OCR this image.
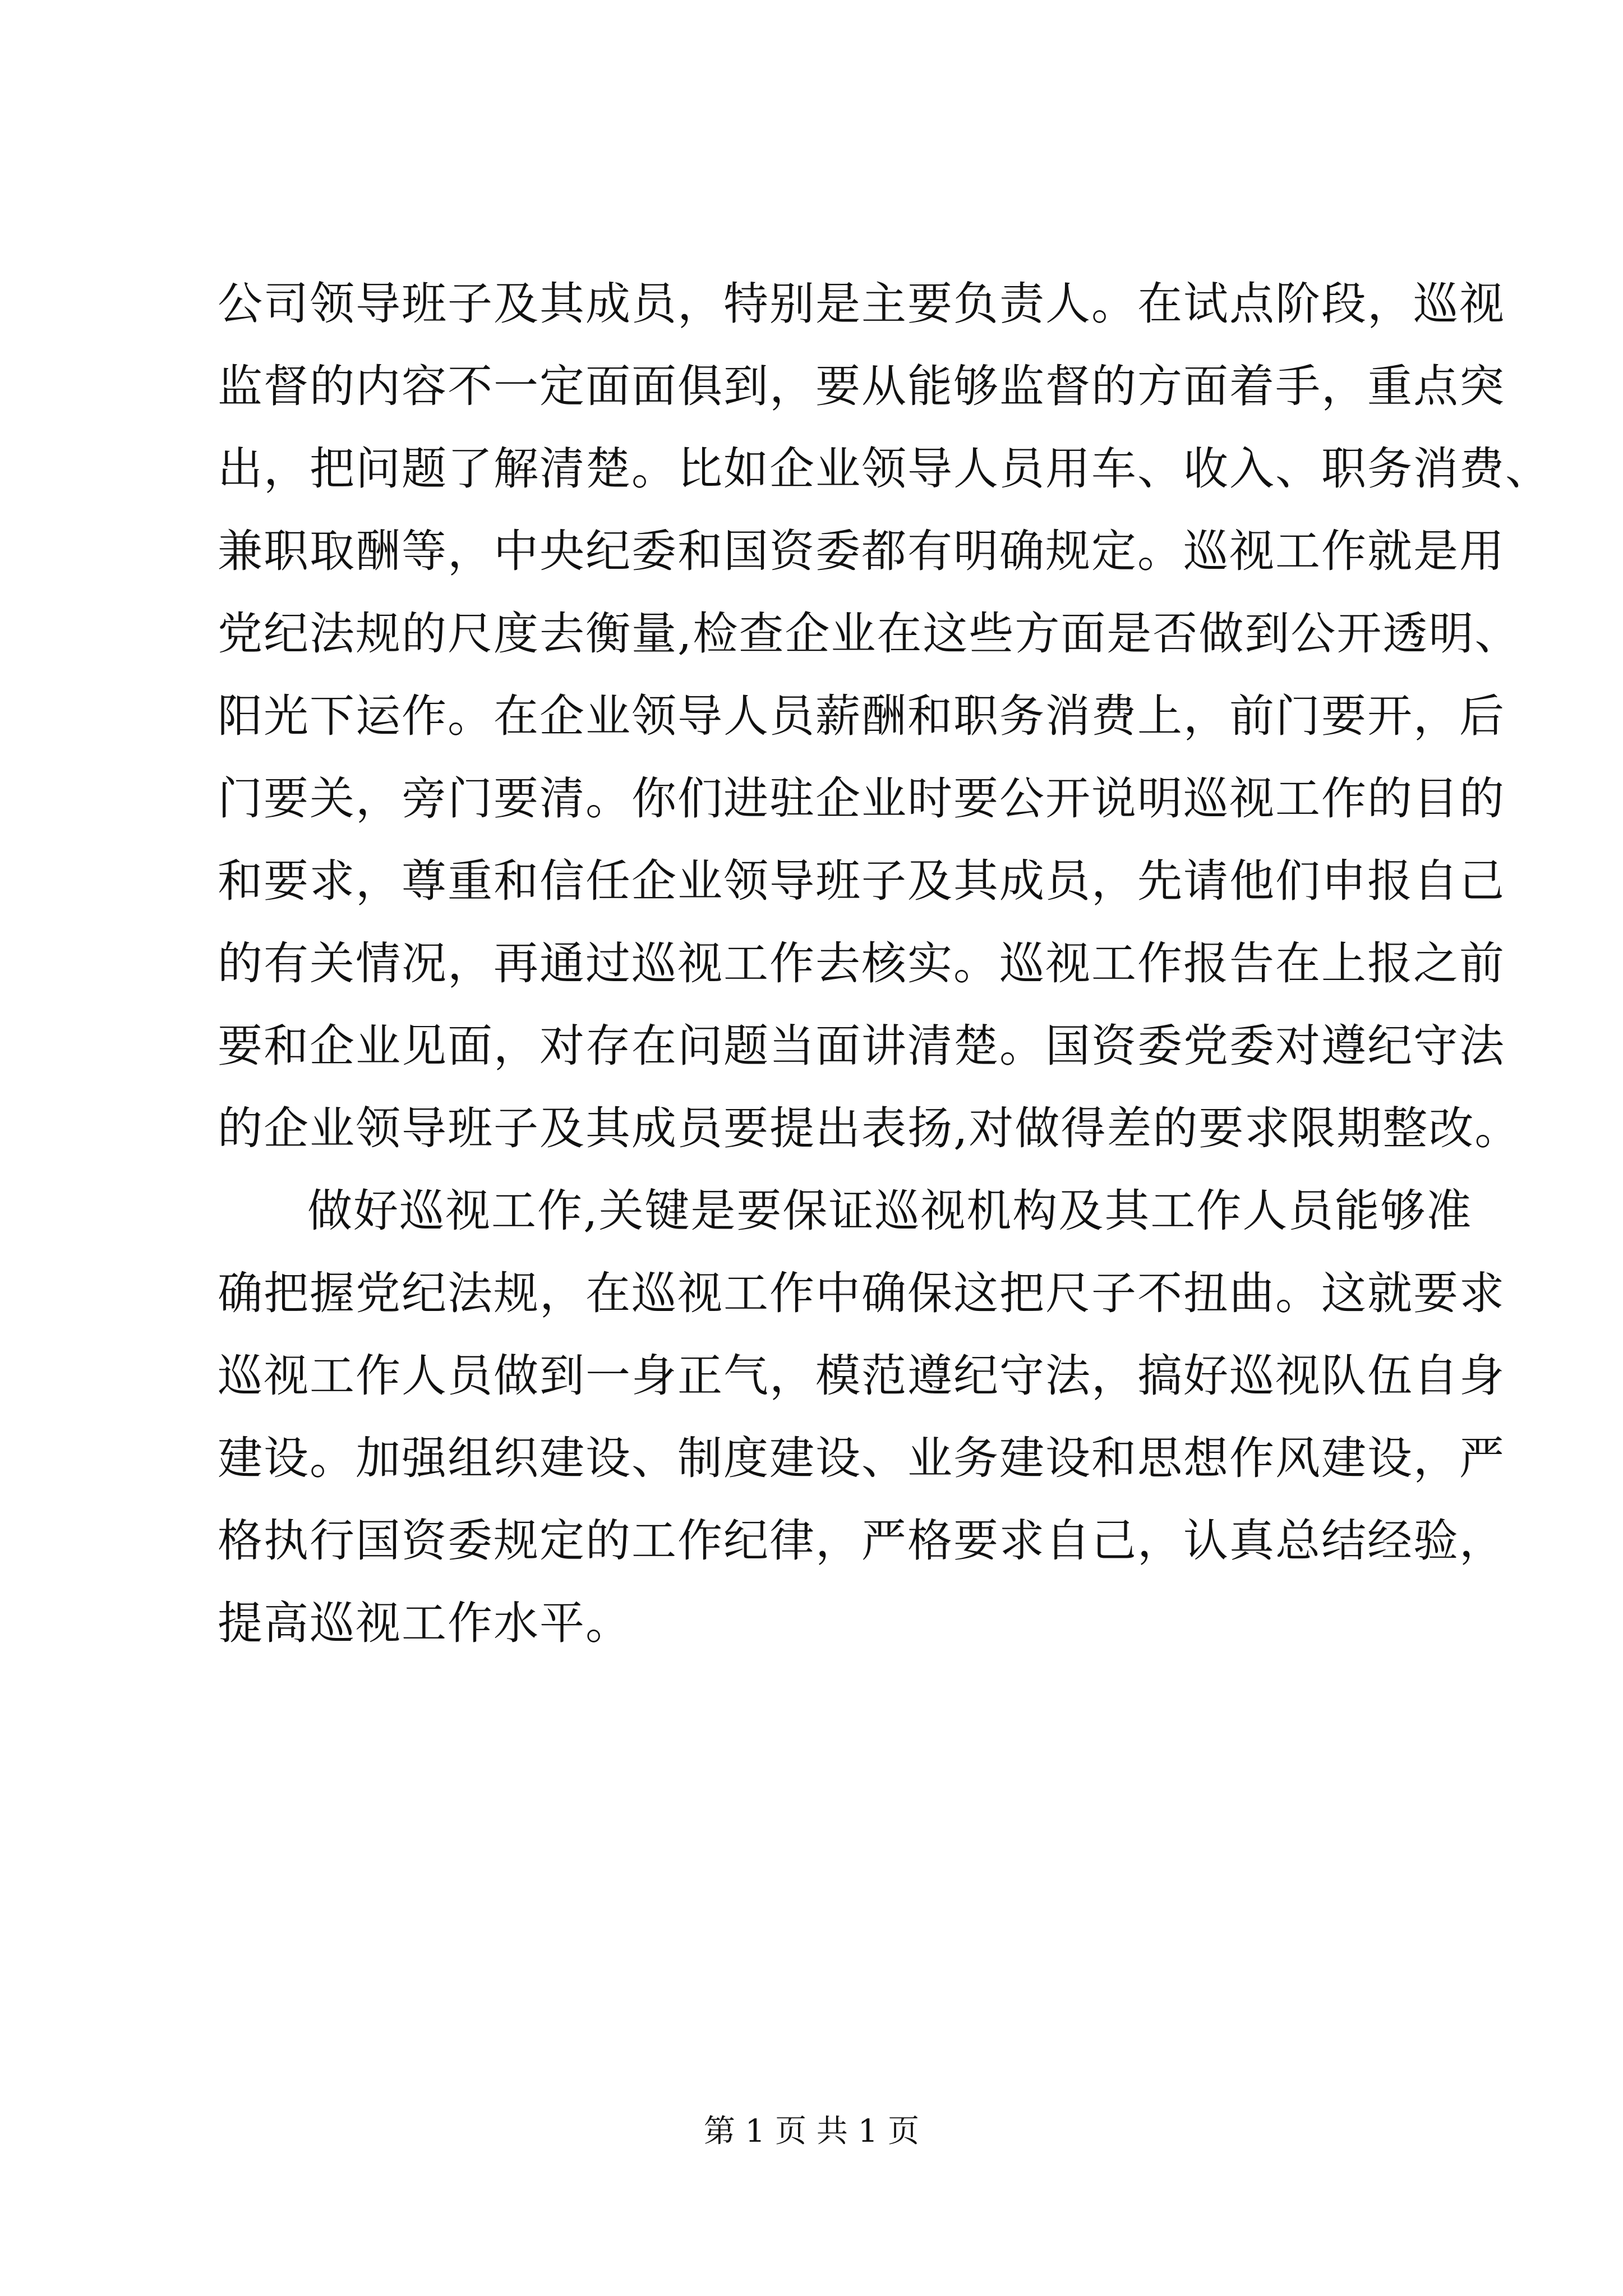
公司领导班子及其成员，特别是主要负责人。在试点阶段，巡视
监督的内容不一定面面俱到，要从能够监督的方面着手，重点突
出，把问题了解清楚。比如企业领导人员用车、收入、职务消费、
兼职取酬等，中央纪委和国资委都有明确规定。巡视工作就是用
党纪法规的尺度去衡量,检查企业在这些方面是否做到公开透明、
阳光下运作。在企业领导人员薪酬和职务消费上，前门要开，后
门要关，旁门要清。你们进驻企业时要公开说明巡视工作的目的
和要求，尊重和信任企业领导班子及其成员，先请他们申报自己
的有关情况，再通过巡视工作去核实。巡视工作报告在上报之前
要和企业见面，对存在问题当面讲清楚。国资委党委对遵纪守法
的企业领导班子及其成员要提出表扬,对做得差的要求限期整改。
做好巡视工作,关键是要保证巡视机构及其工作人员能够准
确把握党纪法规，在巡视工作中确保这把尺子不扭曲。这就要求
巡视工作人员做到一身正气，模范遵纪守法，搞好巡视队伍自身
建设。加强组织建设、制度建设、业务建设和思想作风建设，严
格执行国资委规定的工作纪律，严格要求自己，认真总结经验，
提高巡视工作水平。
第 1 页 共 1 页
